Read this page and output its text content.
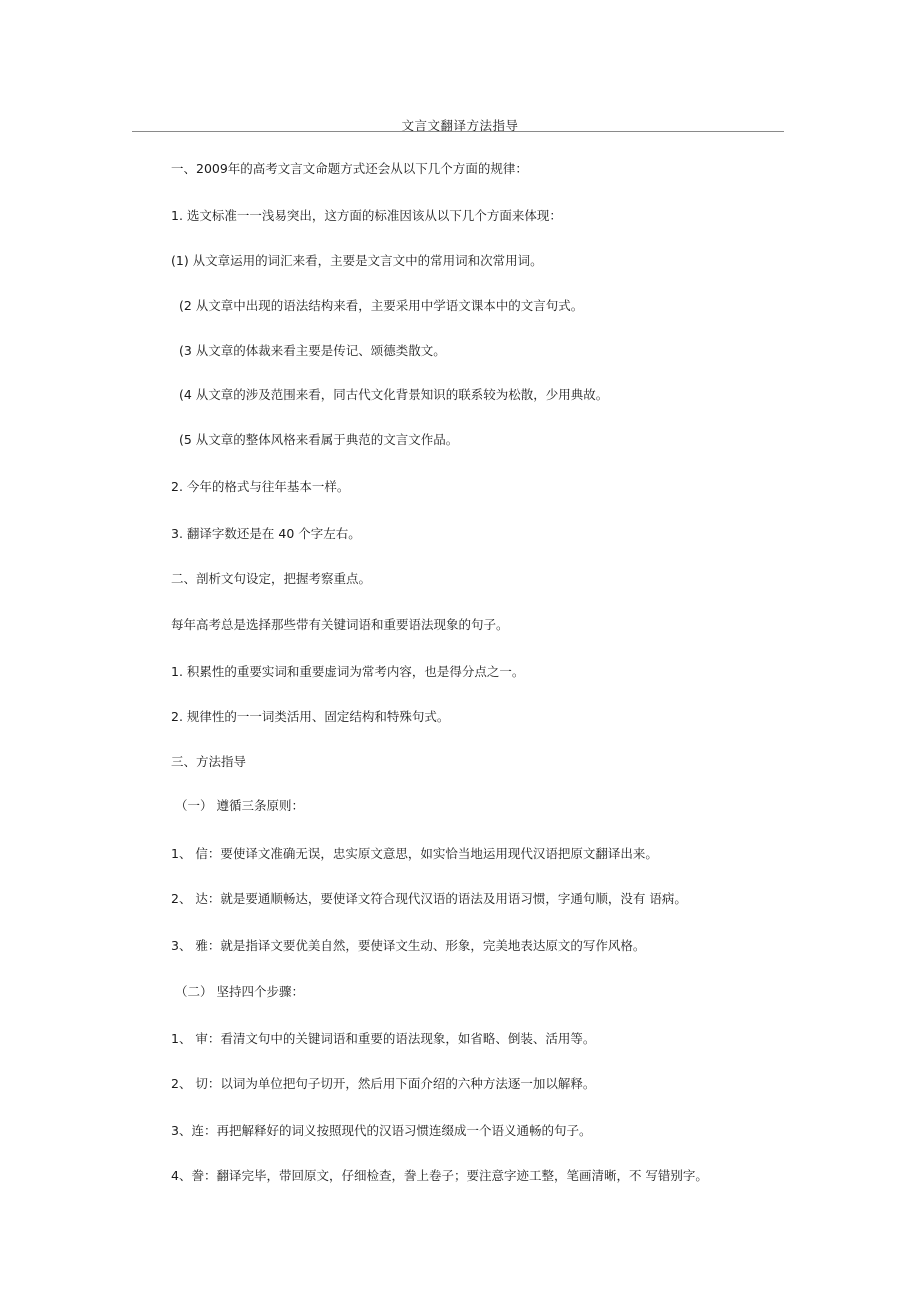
文言文翻译方法指导
一、2009年的高考文言文命题方式还会从以下几个方面的规律：
1. 选文标准一一浅易突出，这方面的标准因该从以下几个方面来体现：
(1) 从文章运用的词汇来看，主要是文言文中的常用词和次常用词。
(2 从文章中出现的语法结构来看，主要采用中学语文课本中的文言句式。
(3 从文章的体裁来看主要是传记、颂德类散文。
(4 从文章的涉及范围来看，同古代文化背景知识的联系较为松散，少用典故。
(5 从文章的整体风格来看属于典范的文言文作品。
2. 今年的格式与往年基本一样。
3. 翻译字数还是在 40 个字左右。
二、剖析文句设定，把握考察重点。
每年高考总是选择那些带有关键词语和重要语法现象的句子。
1. 积累性的重要实词和重要虚词为常考内容，也是得分点之一。
2. 规律性的一一词类活用、固定结构和特殊句式。
三、方法指导
（一） 遵循三条原则：
1、 信：要使译文准确无误，忠实原文意思，如实恰当地运用现代汉语把原文翻译出来。
2、 达：就是要通顺畅达，要使译文符合现代汉语的语法及用语习惯，字通句顺，没有 语病。
3、 雅：就是指译文要优美自然，要使译文生动、形象，完美地表达原文的写作风格。
（二） 坚持四个步骤：
1、 审：看清文句中的关键词语和重要的语法现象，如省略、倒装、活用等。
2、 切：以词为单位把句子切开，然后用下面介绍的六种方法逐一加以解释。
3、连：再把解释好的词义按照现代的汉语习惯连缀成一个语义通畅的句子。
4、誊：翻译完毕，带回原文，仔细检查，誊上卷子；要注意字迹工整，笔画清晰，不 写错别字。
